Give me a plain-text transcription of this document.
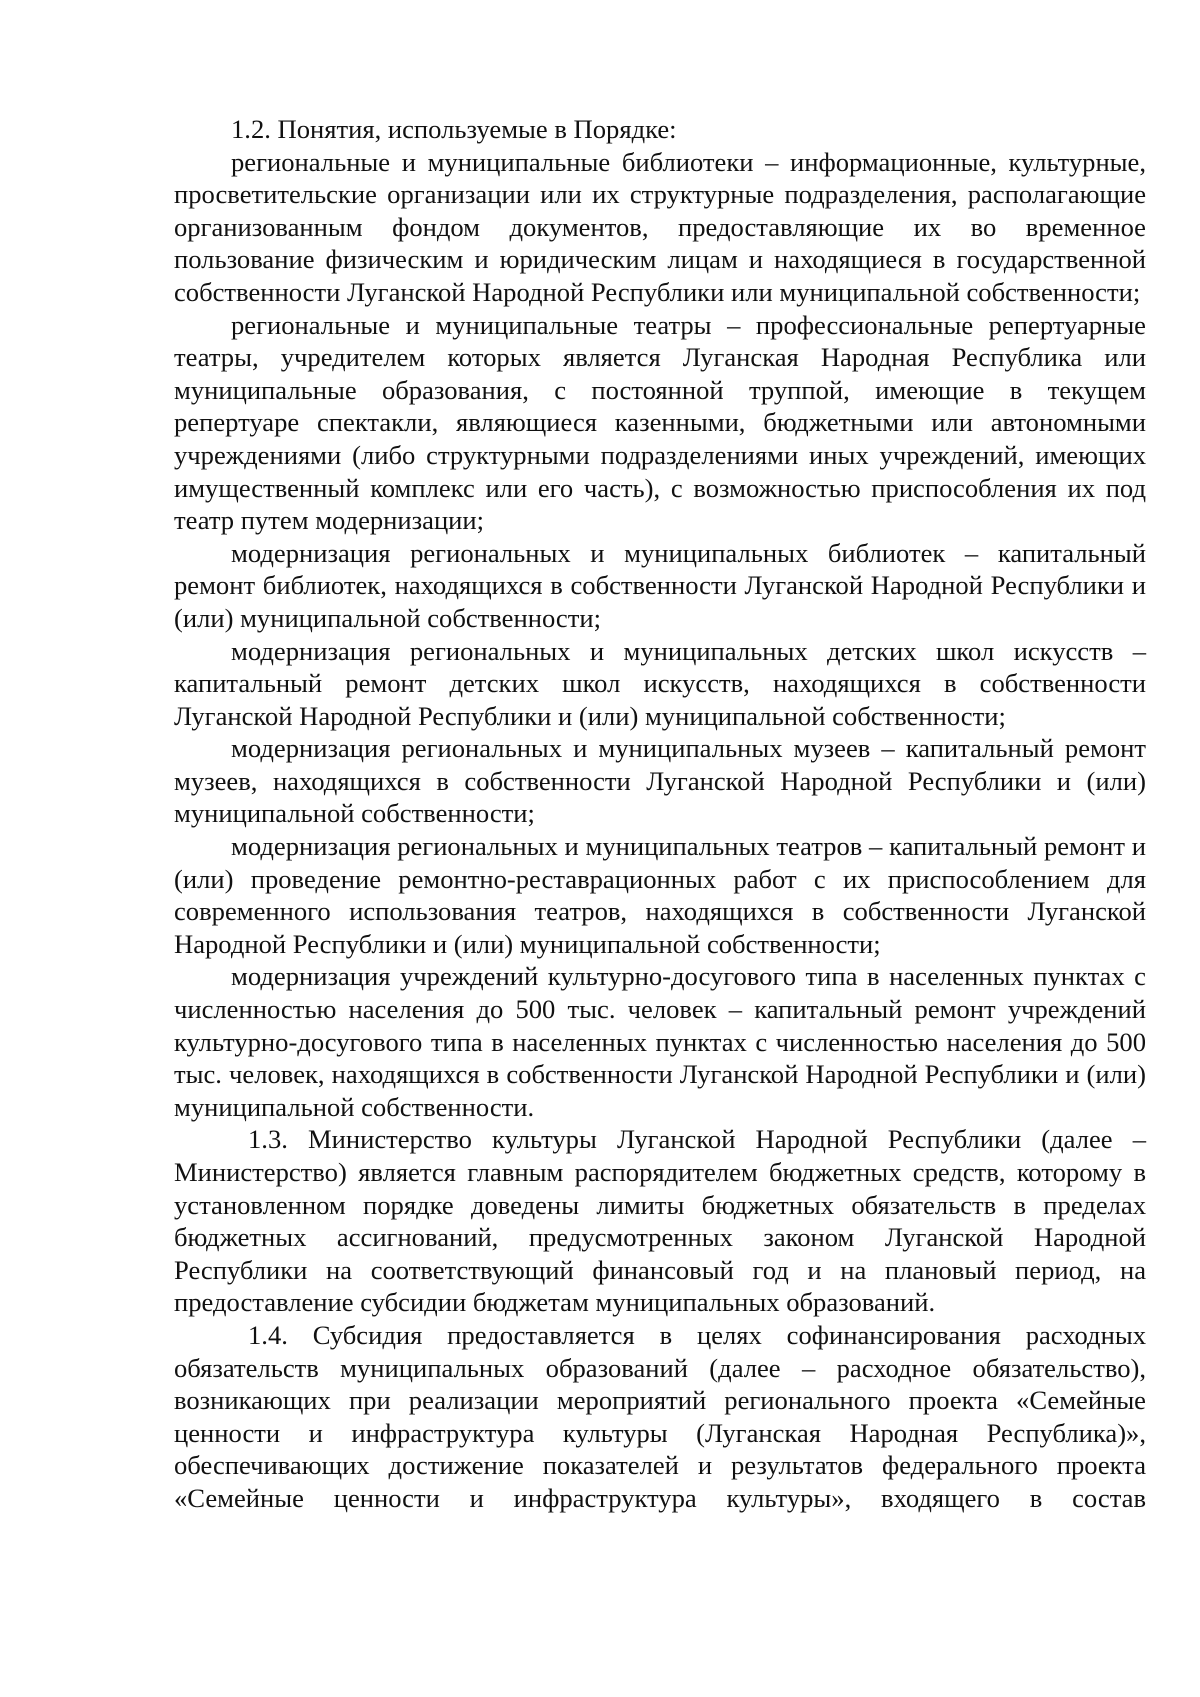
1.2. Понятия, используемые в Порядке:

региональные и муниципальные библиотеки – информационные, культурные, просветительские организации или их структурные подразделения, располагающие организованным фондом документов, предоставляющие их во временное пользование физическим и юридическим лицам и находящиеся в государственной собственности Луганской Народной Республики или муниципальной собственности;

региональные и муниципальные театры – профессиональные репертуарные театры, учредителем которых является Луганская Народная Республика или муниципальные образования, с постоянной труппой, имеющие в текущем репертуаре спектакли, являющиеся казенными, бюджетными или автономными учреждениями (либо структурными подразделениями иных учреждений, имеющих имущественный комплекс или его часть), с возможностью приспособления их под театр путем модернизации;

модернизация региональных и муниципальных библиотек – капитальный ремонт библиотек, находящихся в собственности Луганской Народной Республики и (или) муниципальной собственности;

модернизация региональных и муниципальных детских школ искусств – капитальный ремонт детских школ искусств, находящихся в собственности Луганской Народной Республики и (или) муниципальной собственности;

модернизация региональных и муниципальных музеев – капитальный ремонт музеев, находящихся в собственности Луганской Народной Республики и (или) муниципальной собственности;

модернизация региональных и муниципальных театров – капитальный ремонт и (или) проведение ремонтно-реставрационных работ с их приспособлением для современного использования театров, находящихся в собственности Луганской Народной Республики и (или) муниципальной собственности;

модернизация учреждений культурно-досугового типа в населенных пунктах с численностью населения до 500 тыс. человек – капитальный ремонт учреждений культурно-досугового типа в населенных пунктах с численностью населения до 500 тыс. человек, находящихся в собственности Луганской Народной Республики и (или) муниципальной собственности.

1.3. Министерство культуры Луганской Народной Республики (далее – Министерство) является главным распорядителем бюджетных средств, которому в установленном порядке доведены лимиты бюджетных обязательств в пределах бюджетных ассигнований, предусмотренных законом Луганской Народной Республики на соответствующий финансовый год и на плановый период, на предоставление субсидии бюджетам муниципальных образований.

1.4. Субсидия предоставляется в целях софинансирования расходных обязательств муниципальных образований (далее – расходное обязательство), возникающих при реализации мероприятий регионального проекта «Семейные ценности и инфраструктура культуры (Луганская Народная Республика)», обеспечивающих достижение показателей и результатов федерального проекта «Семейные ценности и инфраструктура культуры», входящего в состав
